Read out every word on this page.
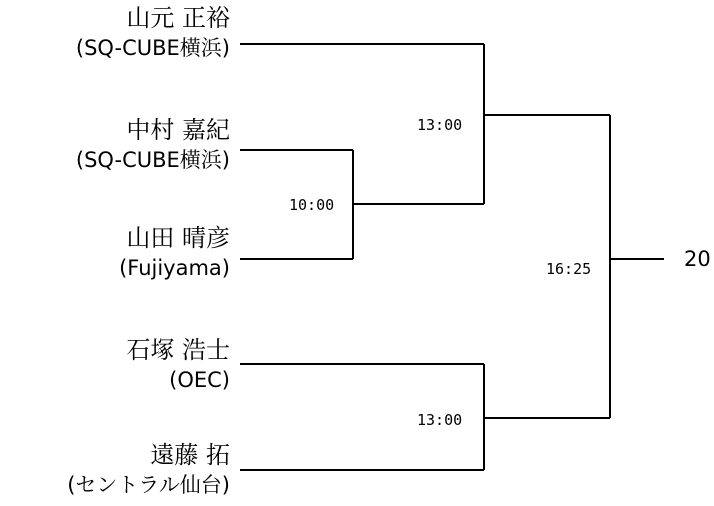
山元 正裕
(SQ-CUBE横浜)
中村 嘉紀
(SQ-CUBE横浜)
山田 晴彦
(Fujiyama)
石塚 浩士
(OEC)
遠藤 拓
(セントラル仙台)
10:00
13:00
13:00
16:25	20
